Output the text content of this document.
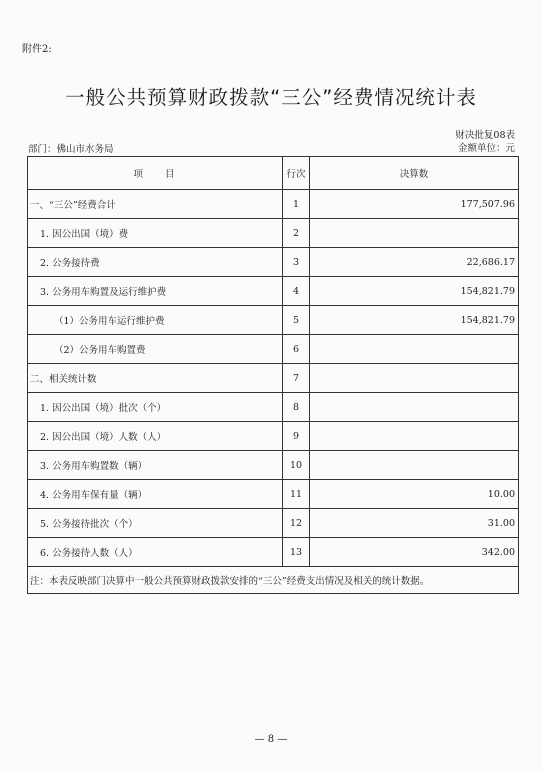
附件2:
一般公共预算财政拨款“三公”经费情况统计表
财决批复08表
部门：佛山市水务局	金额单位：元
项目	行次	决算数
一、“三公”经费合计	1	177,507.96
1. 因公出国（境）费	2	
2. 公务接待费	3	22,686.17
3. 公务用车购置及运行维护费	4	154,821.79
（1）公务用车运行维护费	5	154,821.79
（2）公务用车购置费	6	
二、相关统计数	7	
1. 因公出国（境）批次（个）	8	
2. 因公出国（境）人数（人）	9	
3. 公务用车购置数（辆）	10	
4. 公务用车保有量（辆）	11	10.00
5. 公务接待批次（个）	12	31.00
6. 公务接待人数（人）	13	342.00
注：本表反映部门决算中一般公共预算财政拨款安排的“三公”经费支出情况及相关的统计数据。		
— 8 —
